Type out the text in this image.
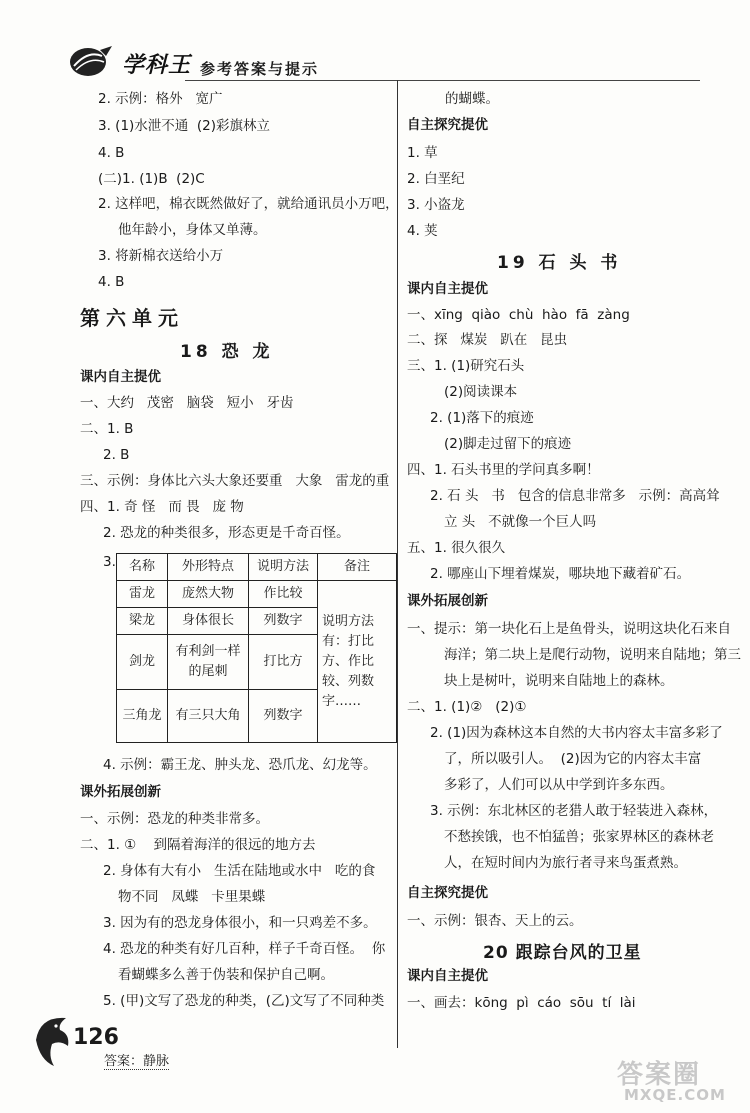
学科王 参考答案与提示
2. 示例：格外   宽广
3. (1)水泄不通  (2)彩旗林立
4. B
(二)1. (1)B  (2)C
2. 这样吧，棉衣既然做好了，就给通讯员小万吧，
他年龄小，身体又单薄。
3. 将新棉衣送给小万
4. B
第六单元
18 恐 龙
课内自主提优
一、大约   茂密   脑袋   短小   牙齿
二、1. B
2. B
三、示例：身体比六头大象还要重   大象   雷龙的重
四、1. 奇 怪   而 畏   庞 物
2. 恐龙的种类很多，形态更是千奇百怪。
3. 名称	外形特点	说明方法	备注
雷龙	庞然大物	作比较	说明方法有：打比方、作比较、列数字……
梁龙	身体很长	列数字	
剑龙	有利剑一样的尾刺	打比方	
三角龙	有三只大角	列数字	
4. 示例：霸王龙、肿头龙、恐爪龙、幻龙等。
课外拓展创新
一、示例：恐龙的种类非常多。
二、1. ①    到隔着海洋的很远的地方去
2. 身体有大有小   生活在陆地或水中   吃的食
物不同   凤蝶   卡里果蝶
3. 因为有的恐龙身体很小，和一只鸡差不多。
4. 恐龙的种类有好几百种，样子千奇百怪。  你
看蝴蝶多么善于伪装和保护自己啊。
5. (甲)文写了恐龙的种类，(乙)文写了不同种类
的蝴蝶。
自主探究提优
1. 草
2. 白垩纪
3. 小盗龙
4. 荚
19 石 头 书
课内自主提优
一、xīng  qiào  chù  hào  fā  zàng
二、探   煤炭   趴在   昆虫
三、1. (1)研究石头
(2)阅读课本
2. (1)落下的痕迹
(2)脚走过留下的痕迹
四、1. 石头书里的学问真多啊！
2. 石 头   书   包含的信息非常多   示例：高高耸
立 头   不就像一个巨人吗
五、1. 很久很久
2. 哪座山下埋着煤炭，哪块地下藏着矿石。
课外拓展创新
一、提示：第一块化石上是鱼骨头，说明这块化石来自
海洋；第二块上是爬行动物，说明来自陆地；第三
块上是树叶，说明来自陆地上的森林。
二、1. (1)②   (2)①
2. (1)因为森林这本自然的大书内容太丰富多彩了
了，所以吸引人。  (2)因为它的内容太丰富
多彩了，人们可以从中学到许多东西。
3. 示例：东北林区的老猎人敢于轻装进入森林，
不愁挨饿，也不怕猛兽；张家界林区的森林老
人，在短时间内为旅行者寻来鸟蛋煮熟。
自主探究提优
一、示例：银杏、天上的云。
20 跟踪台风的卫星
课内自主提优
一、画去：kōng  pì  cáo  sōu  tí  lài
126
答案：静脉	答案圈
MXQE.COM
